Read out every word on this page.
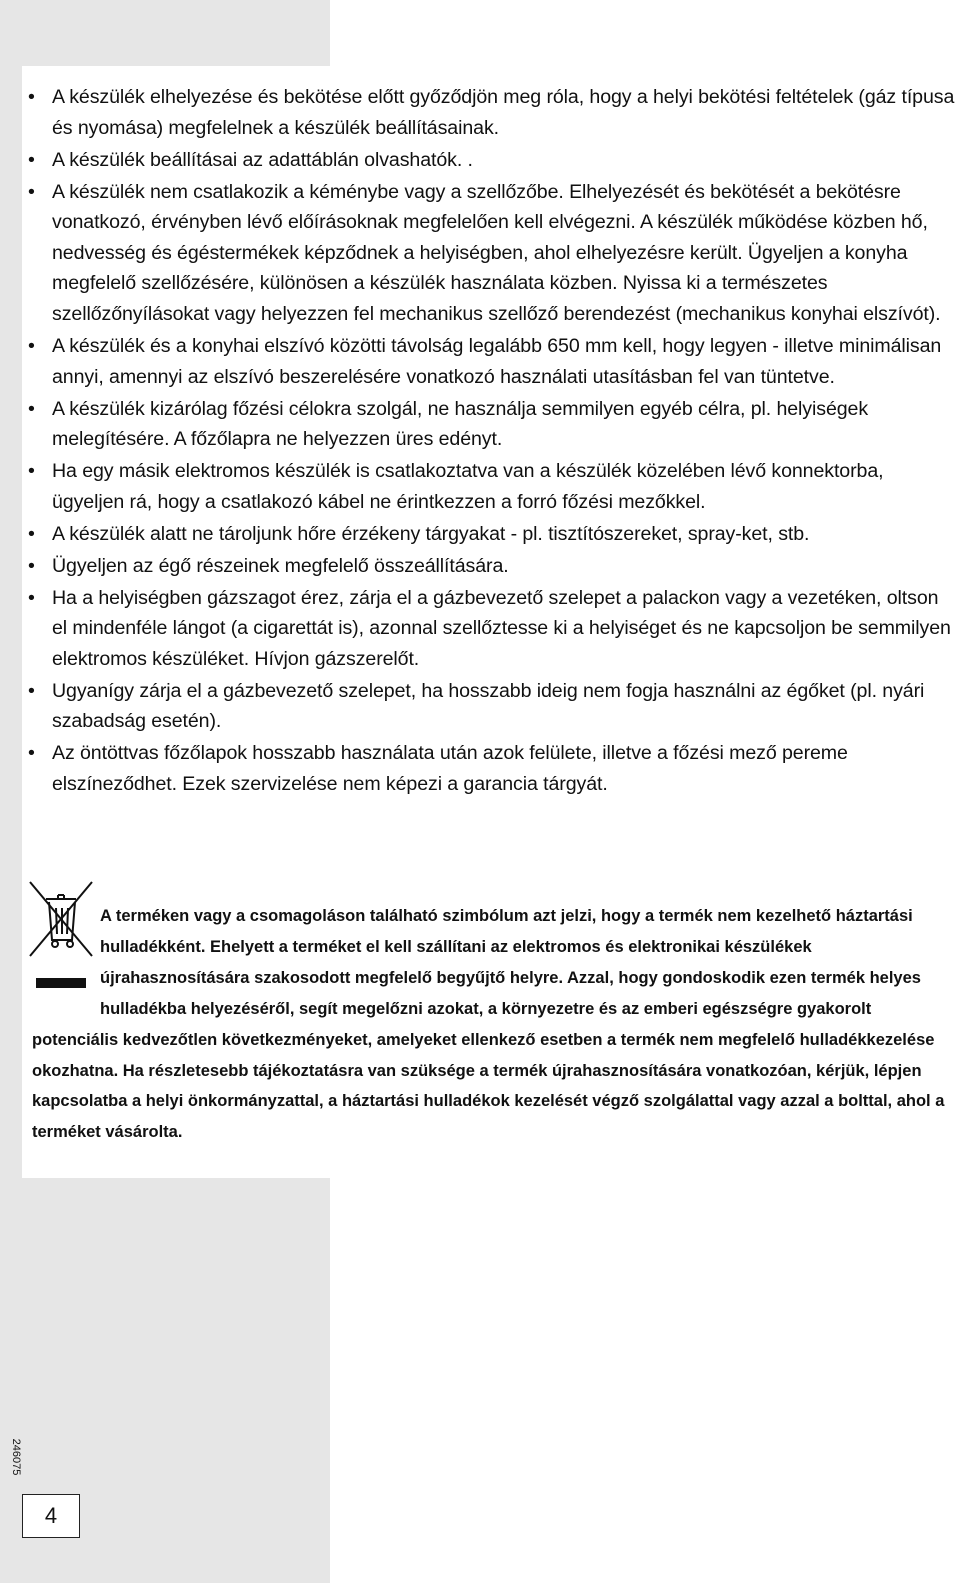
• A készülék elhelyezése és bekötése előtt győződjön meg róla, hogy a helyi bekötési feltételek (gáz típusa és nyomása) megfelelnek a készülék beállításainak.
• A készülék beállításai az adattáblán olvashatók. .
• A készülék nem csatlakozik a kéménybe vagy a szellőzőbe. Elhelyezését és bekötését a bekötésre vonatkozó, érvényben lévő előírásoknak megfelelően kell elvégezni. A készülék működése közben hő, nedvesség és égéstermékek képződnek a helyiségben, ahol elhelyezésre került. Ügyeljen a konyha megfelelő szellőzésére, különösen a készülék használata közben. Nyissa ki a természetes szellőzőnyílásokat vagy helyezzen fel mechanikus szellőző berendezést (mechanikus konyhai elszívót).
• A készülék és a konyhai elszívó közötti távolság legalább 650 mm kell, hogy legyen - illetve minimálisan annyi, amennyi az elszívó beszerelésére vonatkozó használati utasításban fel van tüntetve.
• A készülék kizárólag főzési célokra szolgál, ne használja semmilyen egyéb célra, pl. helyiségek melegítésére. A főzőlapra ne helyezzen üres edényt.
• Ha egy másik elektromos készülék is csatlakoztatva van a készülék közelében lévő konnektorba, ügyeljen rá, hogy a csatlakozó kábel ne érintkezzen a forró főzési mezőkkel.
• A készülék alatt ne tároljunk hőre érzékeny tárgyakat - pl. tisztítószereket, spray-ket, stb.
• Ügyeljen az égő részeinek megfelelő összeállítására.
• Ha a helyiségben gázszagot érez, zárja el a gázbevezető szelepet a palackon vagy a vezetéken, oltson el mindenféle lángot (a cigarettát is), azonnal szellőztesse ki a helyiséget és ne kapcsoljon be semmilyen elektromos készüléket. Hívjon gázszerelőt.
• Ugyanígy zárja el a gázbevezető szelepet, ha hosszabb ideig nem fogja használni az égőket (pl. nyári szabadság esetén).
• Az öntöttvas főzőlapok hosszabb használata után azok felülete, illetve a főzési mező pereme elszíneződhet. Ezek szervizelése nem képezi a garancia tárgyát.

A terméken vagy a csomagoláson található szimbólum azt jelzi, hogy a termék nem kezelhető háztartási hulladékként. Ehelyett a terméket el kell szállítani az elektromos és elektronikai készülékek újrahasznosítására szakosodott megfelelő begyűjtő helyre. Azzal, hogy gondoskodik ezen termék helyes hulladékba helyezéséről, segít megelőzni azokat, a környezetre és az emberi egészségre gyakorolt potenciális kedvezőtlen következményeket, amelyeket ellenkező esetben a termék nem megfelelő hulladékkezelése okozhatna. Ha részletesebb tájékoztatásra van szüksége a termék újrahasznosítására vonatkozóan, kérjük, lépjen kapcsolatba a helyi önkormányzattal, a háztartási hulladékok kezelését végző szolgálattal vagy azzal a bolttal, ahol a terméket vásárolta.

246075
4
